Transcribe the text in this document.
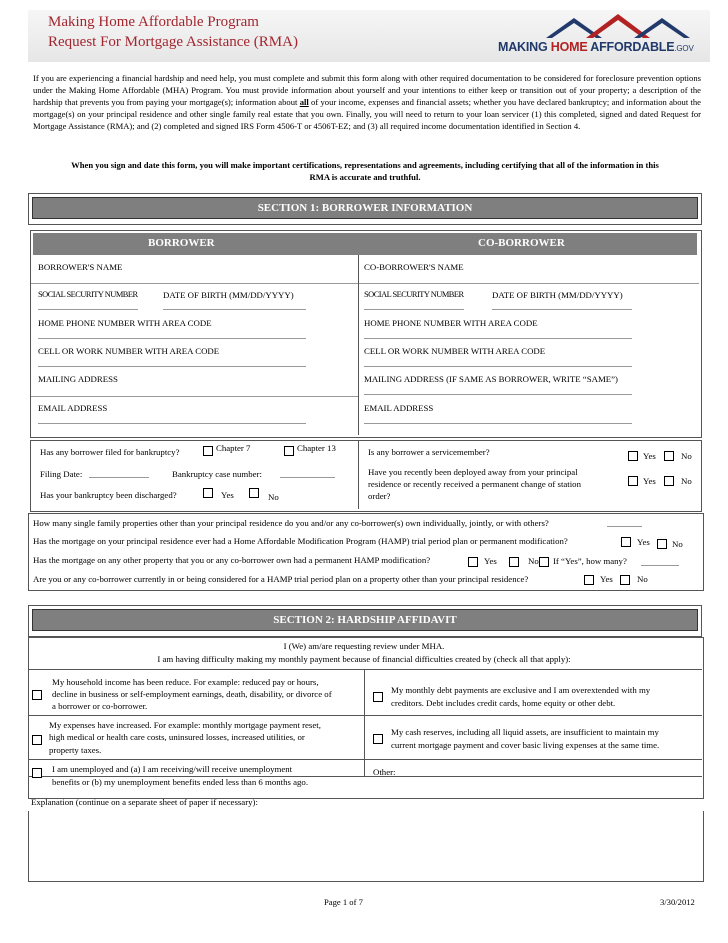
Making Home Affordable Program
Request For Mortgage Assistance (RMA)	MAKING HOME AFFORDABLE.GOV
If you are experiencing a financial hardship and need help, you must complete and submit this form along with other required documentation to be considered for foreclosure prevention options under the Making Home Affordable (MHA) Program. You must provide information about yourself and your intentions to either keep or transition out of your property; a description of the hardship that prevents you from paying your mortgage(s); information about all of your income, expenses and financial assets; whether you have declared bankruptcy; and information about the mortgage(s) on your principal residence and other single family real estate that you own. Finally, you will need to return to your loan servicer (1) this completed, signed and dated Request for Mortgage Assistance (RMA); and (2) completed and signed IRS Form 4506-T or 4506T-EZ; and (3) all required income documentation identified in Section 4.
When you sign and date this form, you will make important certifications, representations and agreements, including certifying that all of the information in this RMA is accurate and truthful.
SECTION 1: BORROWER INFORMATION
BORROWER	CO-BORROWER
BORROWER'S NAME
SOCIAL SECURITY NUMBER	DATE OF BIRTH (MM/DD/YYYY)
HOME PHONE NUMBER WITH AREA CODE
CELL OR WORK NUMBER WITH AREA CODE
MAILING ADDRESS
EMAIL ADDRESS
CO-BORROWER'S NAME
SOCIAL SECURITY NUMBER	DATE OF BIRTH (MM/DD/YYYY)
HOME PHONE NUMBER WITH AREA CODE
CELL OR WORK NUMBER WITH AREA CODE
MAILING ADDRESS (IF SAME AS BORROWER, WRITE “SAME”)
EMAIL ADDRESS
Has any borrower filed for bankruptcy?	Chapter 7	Chapter 13
Filing Date:	Bankruptcy case number:
Has your bankruptcy been discharged?	Yes	No
Is any borrower a servicemember?	Yes	No
Have you recently been deployed away from your principal
residence or recently received a permanent change of station
order?
Yes	No
How many single family properties other than your principal residence do you and/or any co-borrower(s) own individually, jointly, or with others?
Has the mortgage on your principal residence ever had a Home Affordable Modification Program (HAMP) trial period plan or permanent modification?	Yes	No
Has the mortgage on any other property that you or any co-borrower own had a permanent HAMP modification?	Yes	No If “Yes”, how many?
Are you or any co-borrower currently in or being considered for a HAMP trial period plan on a property other than your principal residence?	Yes	No
SECTION 2: HARDSHIP AFFIDAVIT
I (We) am/are requesting review under MHA.
I am having difficulty making my monthly payment because of financial difficulties created by (check all that apply):
My household income has been reduce. For example: reduced pay or hours,
decline in business or self-employment earnings, death, disability, or divorce of
a borrower or co-borrower.
My monthly debt payments are exclusive and I am overextended with my
creditors. Debt includes credit cards, home equity or other debt.
My expenses have increased. For example: monthly mortgage payment reset,
high medical or health care costs, uninsured losses, increased utilities, or
property taxes.
My cash reserves, including all liquid assets, are insufficient to maintain my
current mortgage payment and cover basic living expenses at the same time.
I am unemployed and (a) I am receiving/will receive unemployment
benefits or (b) my unemployment benefits ended less than 6 months ago.
Other:
Explanation (continue on a separate sheet of paper if necessary):
Page 1 of 7	3/30/2012
